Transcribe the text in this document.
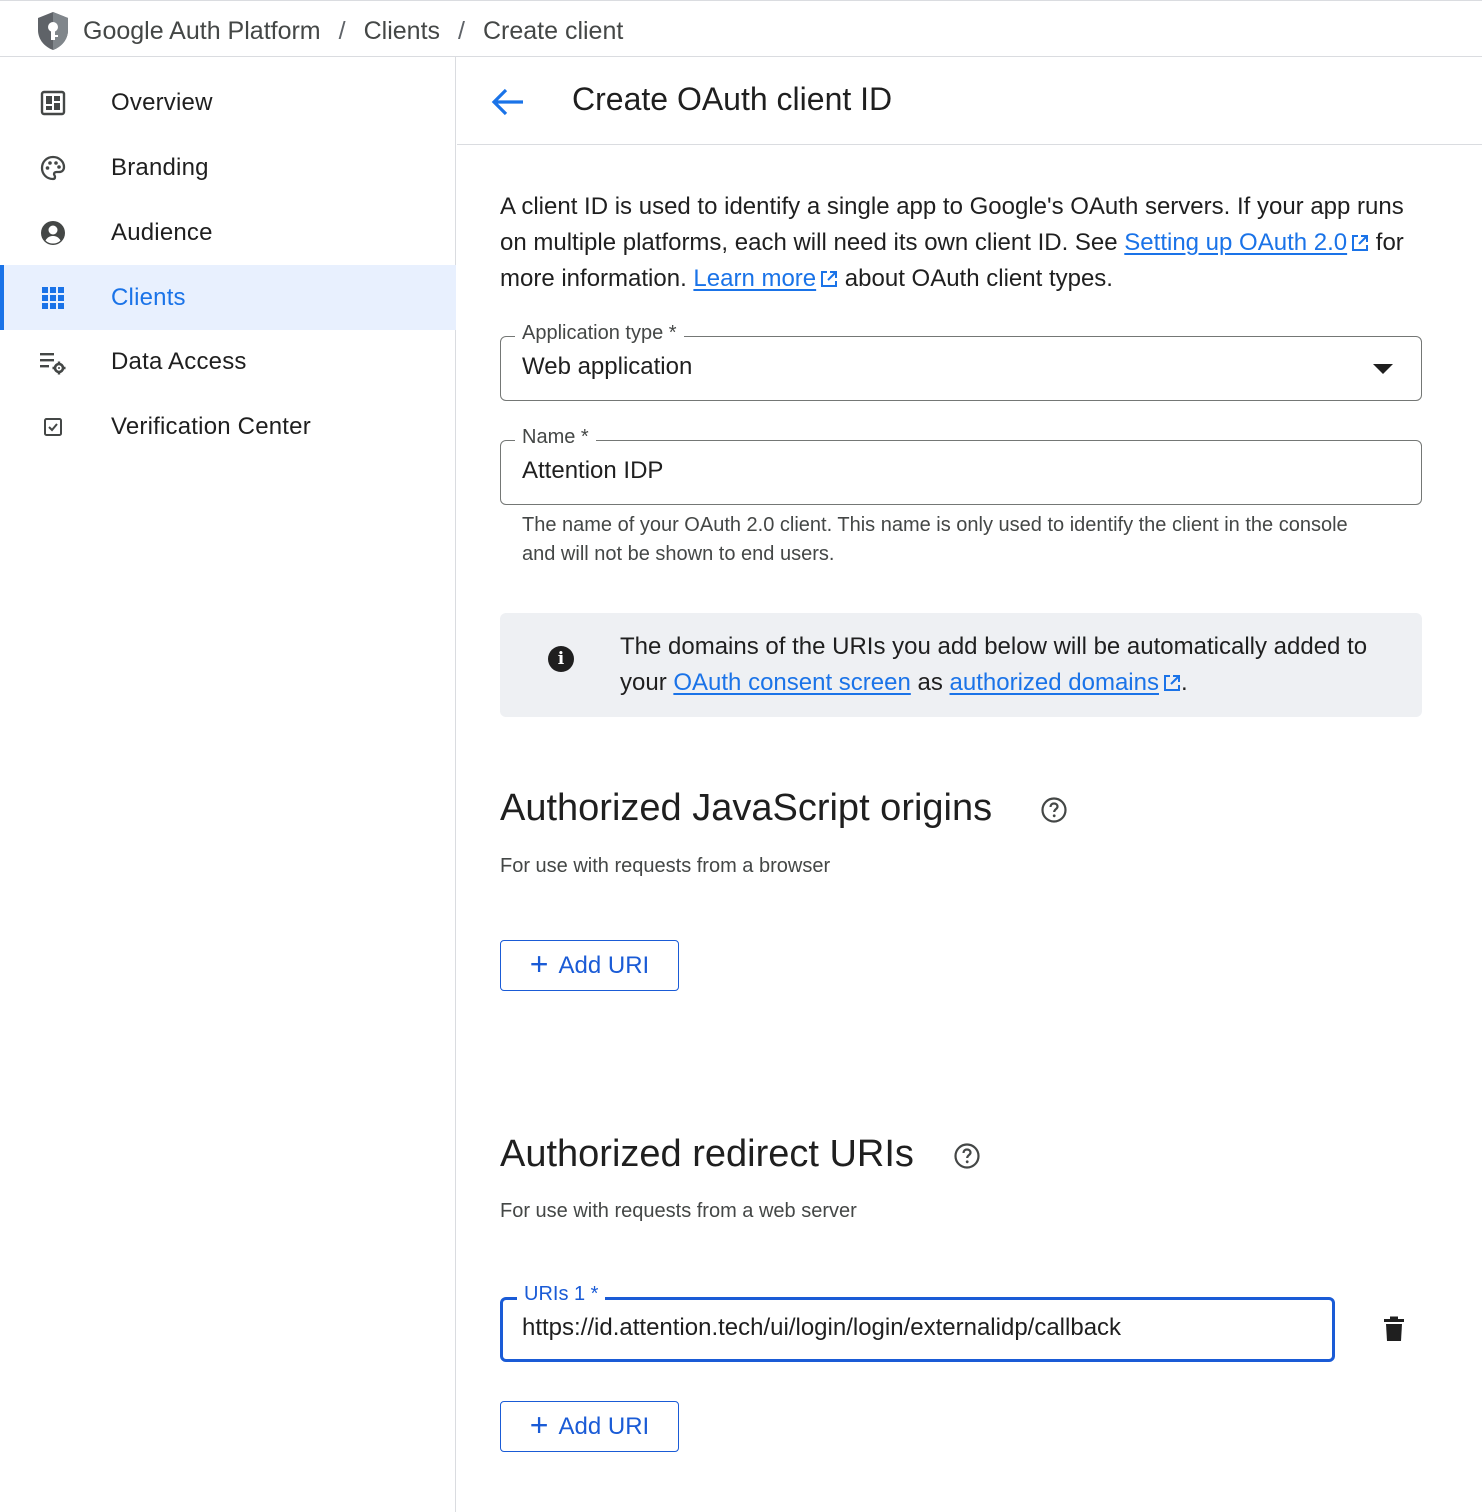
Google Auth Platform / Clients / Create client
Overview
Branding
Audience
Clients
Data Access
Verification Center
Create OAuth client ID

A client ID is used to identify a single app to Google's OAuth servers. If your app runs on multiple platforms, each will need its own client ID. See Setting up OAuth 2.0 for more information. Learn more about OAuth client types.

Application type *
Web application
Name *
Attention IDP

The name of your OAuth 2.0 client. This name is only used to identify the client in the console and will not be shown to end users.

i	The domains of the URIs you add below will be automatically added to your OAuth consent screen as authorized domains .

Authorized JavaScript origins

For use with requests from a browser

+ Add URI
Authorized redirect URIs

For use with requests from a web server

URIs 1 *
https://id.attention.tech/ui/login/login/externalidp/callback
+ Add URI
